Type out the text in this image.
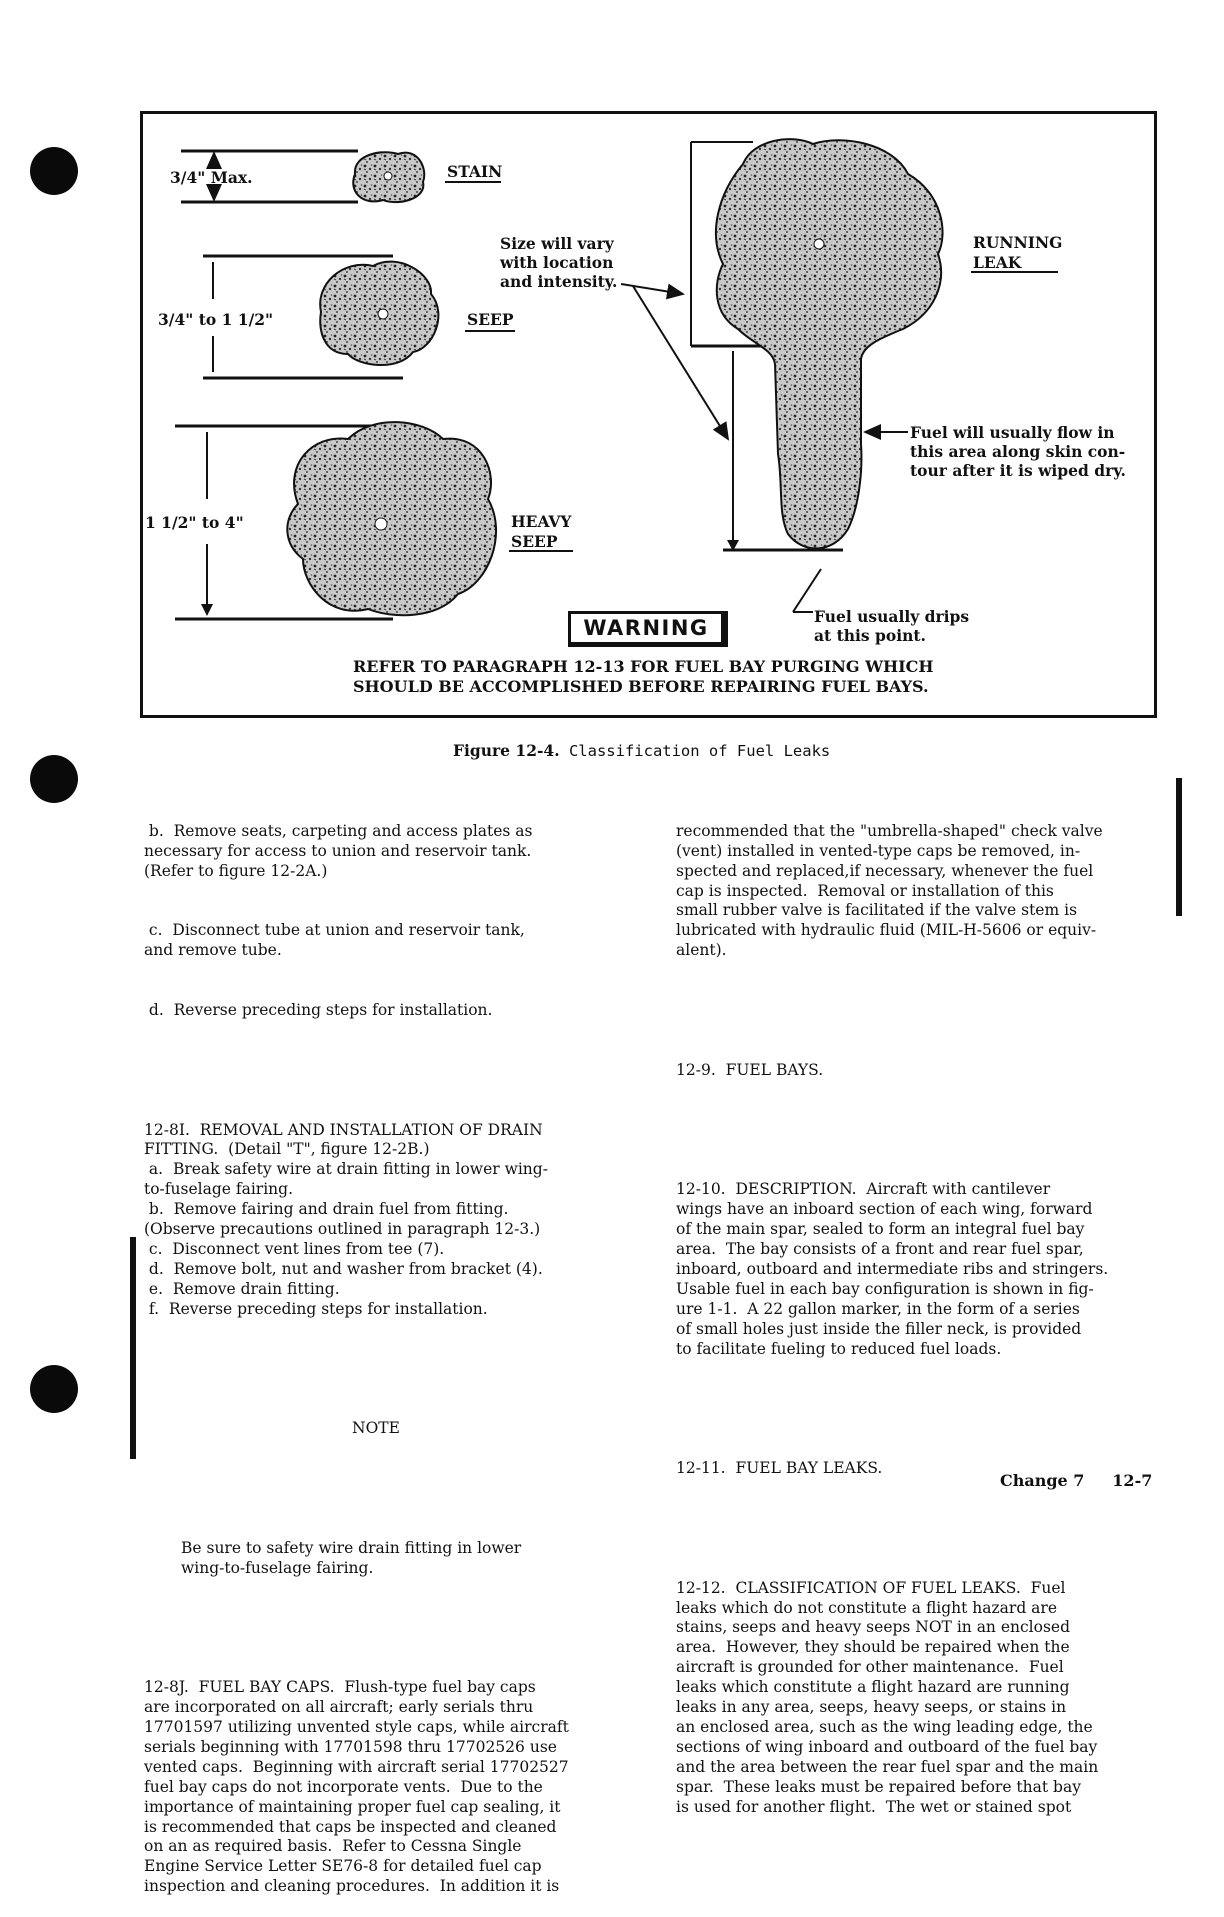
3/4" Max.	STAIN
3/4" to 1 1/2"	SEEP
1 1/2" to 4"	HEAVY
SEEP
Size will vary
with location
and intensity.
RUNNING
LEAK
Fuel will usually flow in
this area along skin con-
tour after it is wiped dry.
Fuel usually drips
at this point.
WARNING
REFER TO PARAGRAPH 12-13 FOR FUEL BAY PURGING WHICH
SHOULD BE ACCOMPLISHED BEFORE REPAIRING FUEL BAYS.
Figure 12-4. Classification of Fuel Leaks

b.  Remove seats, carpeting and access plates as
necessary for access to union and reservoir tank.
(Refer to figure 12-2A.)

c.  Disconnect tube at union and reservoir tank,
and remove tube.

d.  Reverse preceding steps for installation.

12-8I.  REMOVAL AND INSTALLATION OF DRAIN
FITTING.  (Detail "T", figure 12-2B.)
a.  Break safety wire at drain fitting in lower wing-
to-fuselage fairing.
b.  Remove fairing and drain fuel from fitting.
(Observe precautions outlined in paragraph 12-3.)
c.  Disconnect vent lines from tee (7).
d.  Remove bolt, nut and washer from bracket (4).
e.  Remove drain fitting.
f.  Reverse preceding steps for installation.

NOTE

Be sure to safety wire drain fitting in lower
wing-to-fuselage fairing.

12-8J.  FUEL BAY CAPS.  Flush-type fuel bay caps
are incorporated on all aircraft; early serials thru
17701597 utilizing unvented style caps, while aircraft
serials beginning with 17701598 thru 17702526 use
vented caps.  Beginning with aircraft serial 17702527
fuel bay caps do not incorporate vents.  Due to the
importance of maintaining proper fuel cap sealing, it
is recommended that caps be inspected and cleaned
on an as required basis.  Refer to Cessna Single
Engine Service Letter SE76-8 for detailed fuel cap
inspection and cleaning procedures.  In addition it is

recommended that the "umbrella-shaped" check valve
(vent) installed in vented-type caps be removed, in-
spected and replaced,if necessary, whenever the fuel
cap is inspected.  Removal or installation of this
small rubber valve is facilitated if the valve stem is
lubricated with hydraulic fluid (MIL-H-5606 or equiv-
alent).

12-9.  FUEL BAYS.

12-10.  DESCRIPTION.  Aircraft with cantilever
wings have an inboard section of each wing, forward
of the main spar, sealed to form an integral fuel bay
area.  The bay consists of a front and rear fuel spar,
inboard, outboard and intermediate ribs and stringers.
Usable fuel in each bay configuration is shown in fig-
ure 1-1.  A 22 gallon marker, in the form of a series
of small holes just inside the filler neck, is provided
to facilitate fueling to reduced fuel loads.

12-11.  FUEL BAY LEAKS.

12-12.  CLASSIFICATION OF FUEL LEAKS.  Fuel
leaks which do not constitute a flight hazard are
stains, seeps and heavy seeps NOT in an enclosed
area.  However, they should be repaired when the
aircraft is grounded for other maintenance.  Fuel
leaks which constitute a flight hazard are running
leaks in any area, seeps, heavy seeps, or stains in
an enclosed area, such as the wing leading edge, the
sections of wing inboard and outboard of the fuel bay
and the area between the rear fuel spar and the main
spar.  These leaks must be repaired before that bay
is used for another flight.  The wet or stained spot

Change 7 12-7
